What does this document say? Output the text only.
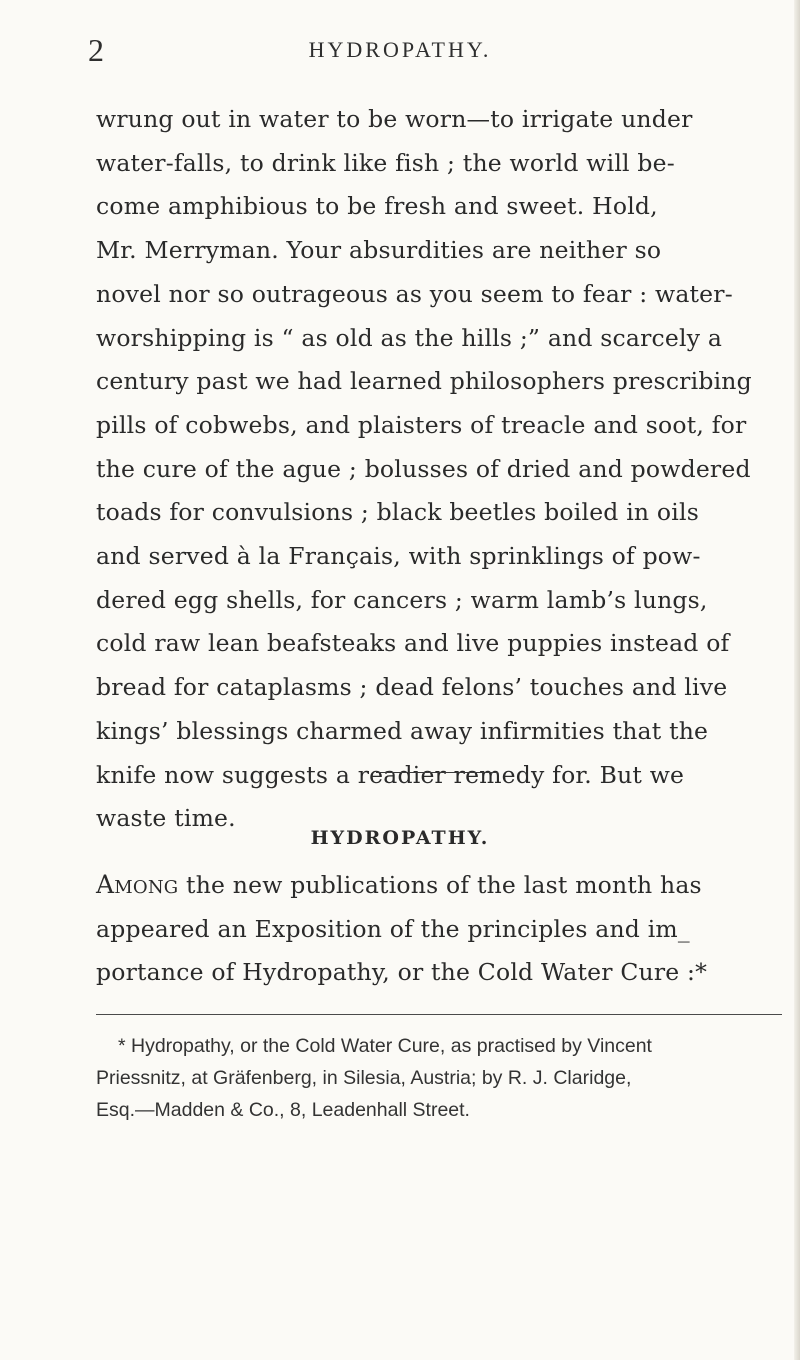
2	HYDROPATHY.
wrung out in water to be worn—to irrigate under
water-falls, to drink like fish ; the world will be-
come amphibious to be fresh and sweet. Hold,
Mr. Merryman. Your absurdities are neither so
novel nor so outrageous as you seem to fear : water-
worshipping is “ as old as the hills ;” and scarcely a
century past we had learned philosophers prescribing
pills of cobwebs, and plaisters of treacle and soot, for
the cure of the ague ; bolusses of dried and powdered
toads for convulsions ; black beetles boiled in oils
and served à la Français, with sprinklings of pow-
dered egg shells, for cancers ; warm lamb’s lungs,
cold raw lean beafsteaks and live puppies instead of
bread for cataplasms ; dead felons’ touches and live
kings’ blessings charmed away infirmities that the
knife now suggests a readier remedy for. But we
waste time.
HYDROPATHY.
Among the new publications of the last month has
appeared an Exposition of the principles and im_
portance of Hydropathy, or the Cold Water Cure :*
* Hydropathy, or the Cold Water Cure, as practised by Vincent
Priessnitz, at Gräfenberg, in Silesia, Austria; by R. J. Claridge,
Esq.—Madden & Co., 8, Leadenhall Street.
